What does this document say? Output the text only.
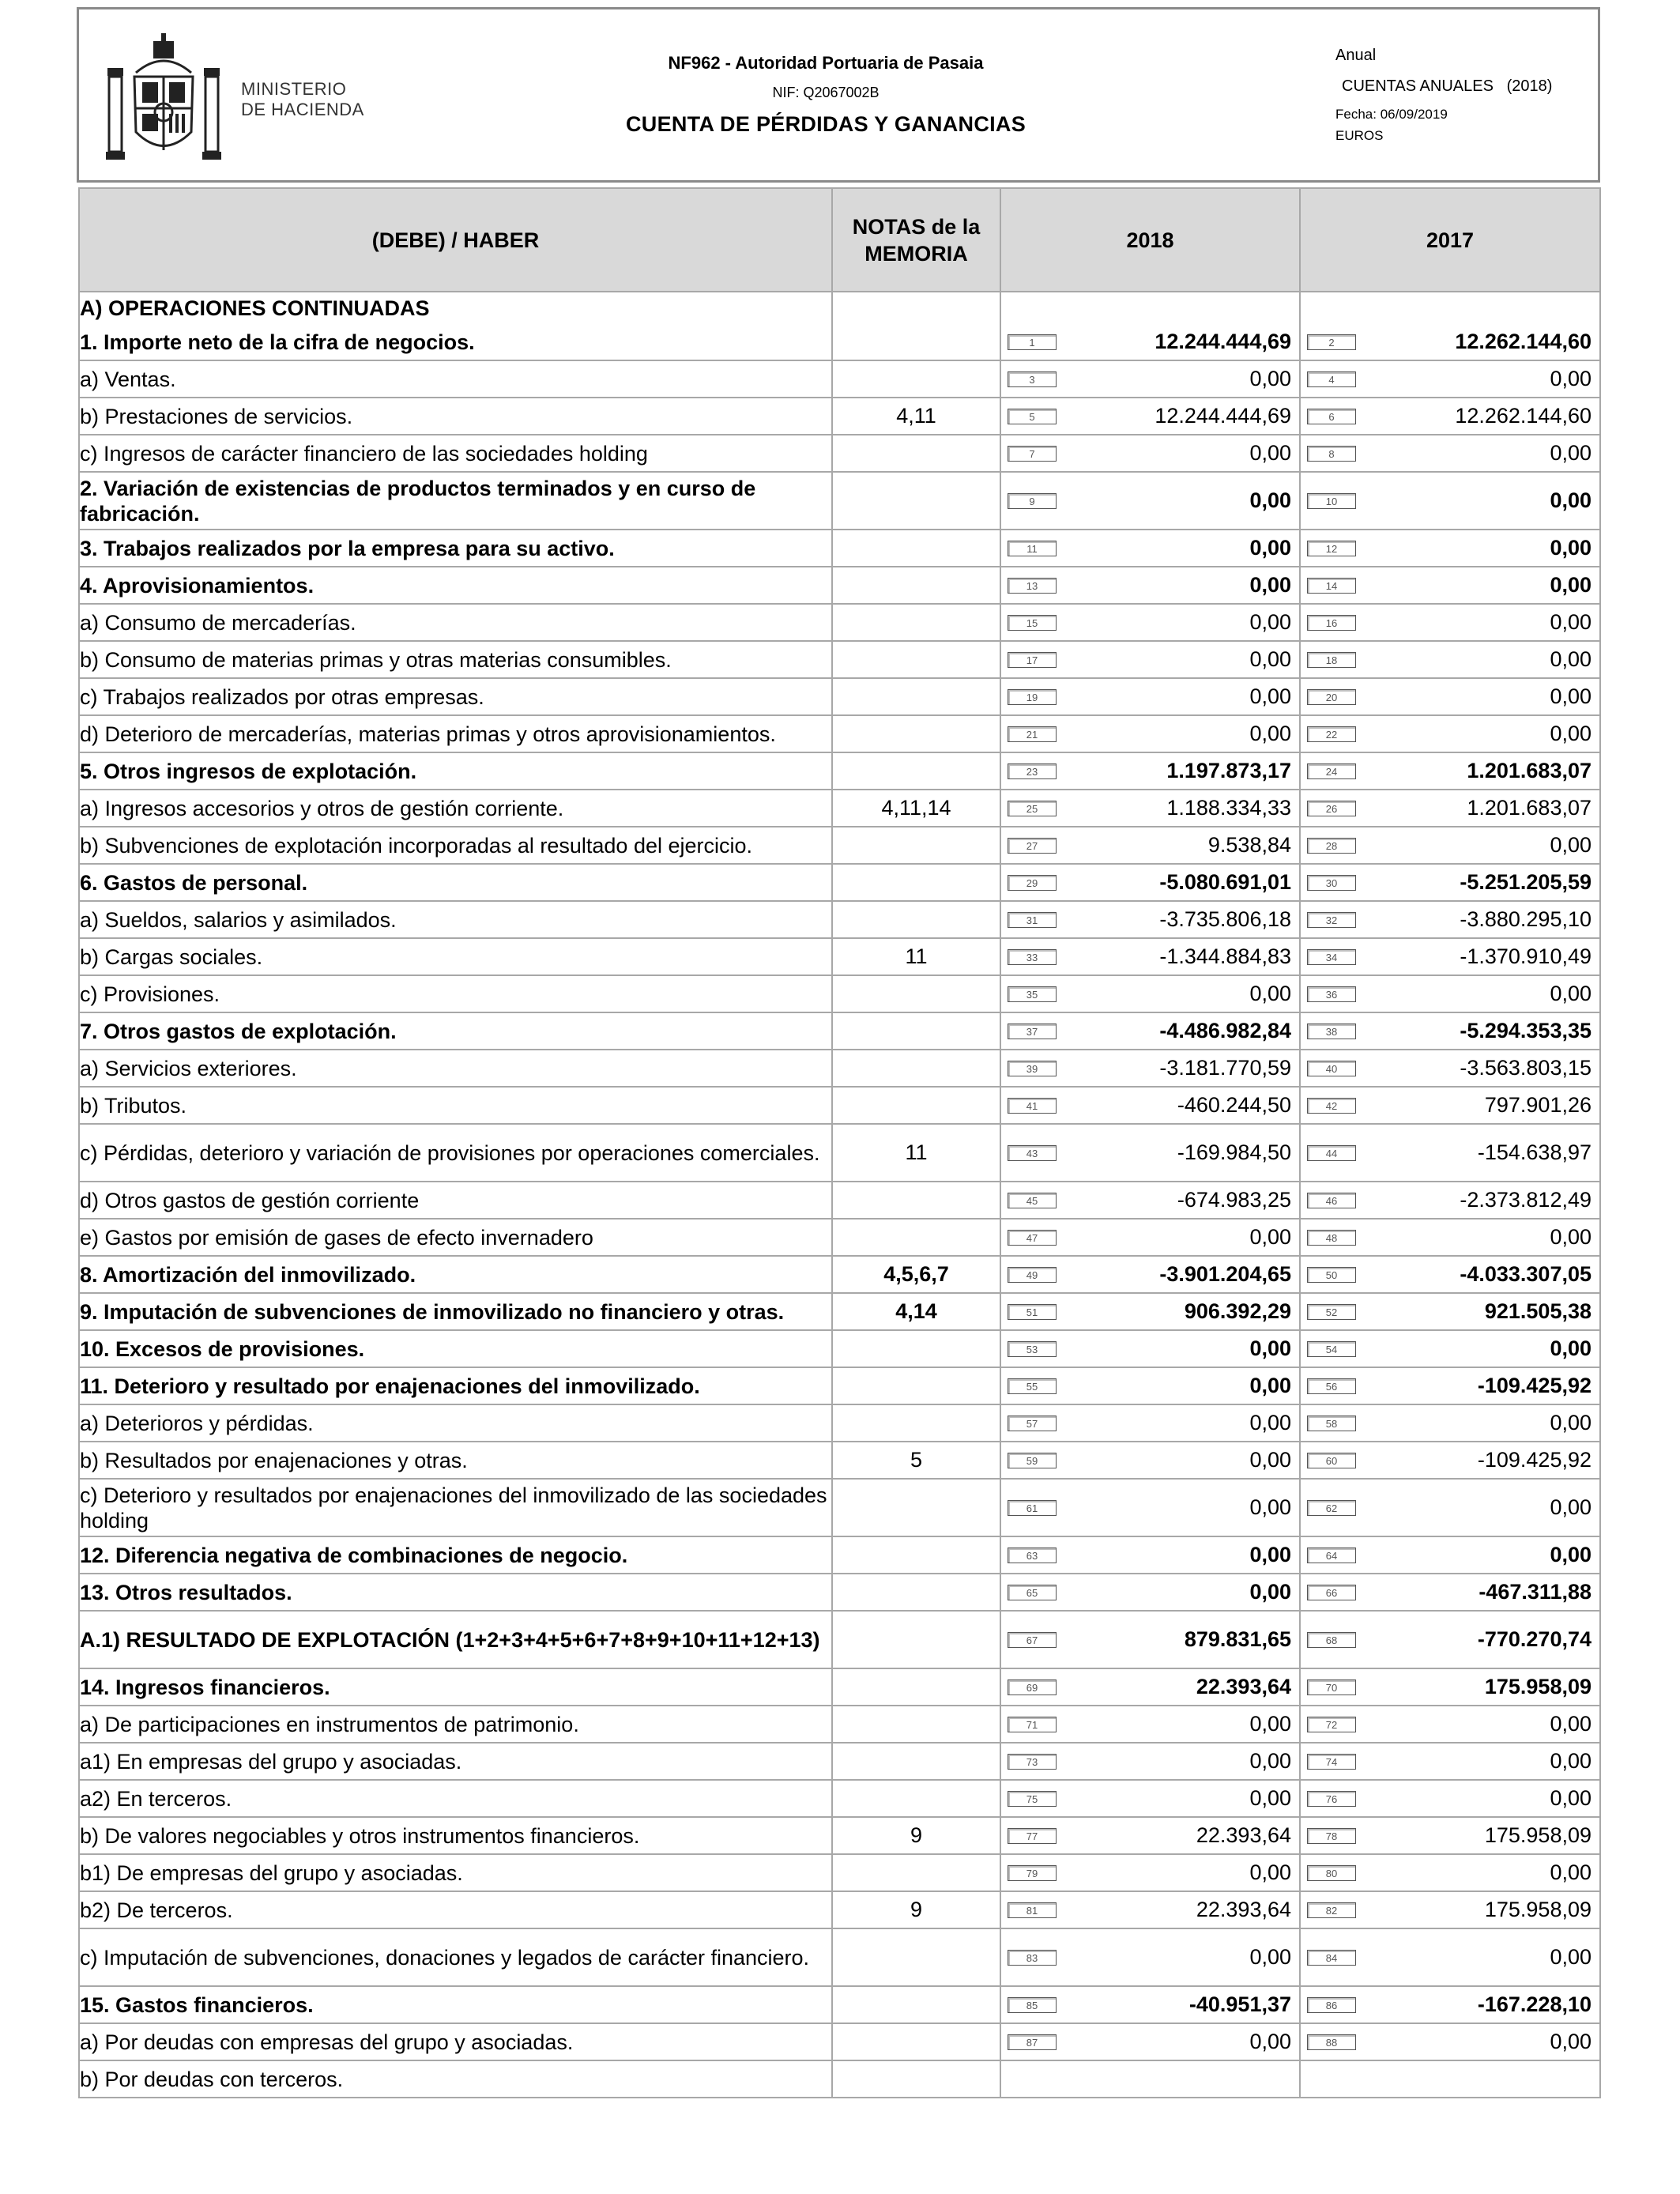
MINISTERIO
DE HACIENDA
NF962 - Autoridad Portuaria de Pasaia
NIF: Q2067002B
CUENTA DE PÉRDIDAS Y GANANCIAS
Anual
CUENTAS ANUALES   (2018)
Fecha: 06/09/2019
EUROS
(DEBE) / HABER	NOTAS de la MEMORIA	2018	2017
A) OPERACIONES CONTINUADAS			
1. Importe neto de la cifra de negocios.		1 12.244.444,69	2 12.262.144,60

a) Ventas.		3 0,00	4 0,00

b) Prestaciones de servicios.	4,11	5 12.244.444,69	6 12.262.144,60

c) Ingresos de carácter financiero de las sociedades holding		7 0,00	8 0,00

2. Variación de existencias de productos terminados y en curso de fabricación.		9 0,00	10 0,00

3. Trabajos realizados por la empresa para su activo.		11 0,00	12 0,00

4. Aprovisionamientos.		13 0,00	14 0,00

a) Consumo de mercaderías.		15 0,00	16 0,00

b) Consumo de materias primas y otras materias consumibles.		17 0,00	18 0,00

c) Trabajos realizados por otras empresas.		19 0,00	20 0,00

d) Deterioro de mercaderías, materias primas y otros aprovisionamientos.		21 0,00	22 0,00

5. Otros ingresos de explotación.		23 1.197.873,17	24 1.201.683,07

a) Ingresos accesorios y otros de gestión corriente.	4,11,14	25 1.188.334,33	26 1.201.683,07

b) Subvenciones de explotación incorporadas al resultado del ejercicio.		27 9.538,84	28 0,00

6. Gastos de personal.		29 -5.080.691,01	30 -5.251.205,59

a) Sueldos, salarios y asimilados.		31 -3.735.806,18	32 -3.880.295,10

b) Cargas sociales.	11	33 -1.344.884,83	34 -1.370.910,49

c) Provisiones.		35 0,00	36 0,00

7. Otros gastos de explotación.		37 -4.486.982,84	38 -5.294.353,35

a) Servicios exteriores.		39 -3.181.770,59	40 -3.563.803,15

b) Tributos.		41 -460.244,50	42 797.901,26

c) Pérdidas, deterioro y variación de provisiones por operaciones comerciales.	11	43 -169.984,50	44 -154.638,97

d) Otros gastos de gestión corriente		45 -674.983,25	46 -2.373.812,49

e) Gastos por emisión de gases de efecto invernadero		47 0,00	48 0,00

8. Amortización del inmovilizado.	4,5,6,7	49 -3.901.204,65	50 -4.033.307,05

9. Imputación de subvenciones de inmovilizado no financiero y otras.	4,14	51 906.392,29	52 921.505,38

10. Excesos de provisiones.		53 0,00	54 0,00

11. Deterioro y resultado por enajenaciones del inmovilizado.		55 0,00	56 -109.425,92

a) Deterioros y pérdidas.		57 0,00	58 0,00

b) Resultados por enajenaciones y otras.	5	59 0,00	60 -109.425,92

c) Deterioro y resultados por enajenaciones del inmovilizado de las sociedades holding		61 0,00	62 0,00

12. Diferencia negativa de combinaciones de negocio.		63 0,00	64 0,00

13. Otros resultados.		65 0,00	66 -467.311,88

A.1) RESULTADO DE EXPLOTACIÓN (1+2+3+4+5+6+7+8+9+10+11+12+13)		67 879.831,65	68 -770.270,74

14. Ingresos financieros.		69 22.393,64	70 175.958,09

a) De participaciones en instrumentos de patrimonio.		71 0,00	72 0,00

a1) En empresas del grupo y asociadas.		73 0,00	74 0,00

a2) En terceros.		75 0,00	76 0,00

b) De valores negociables y otros instrumentos financieros.	9	77 22.393,64	78 175.958,09

b1) De empresas del grupo y asociadas.		79 0,00	80 0,00

b2) De terceros.	9	81 22.393,64	82 175.958,09

c) Imputación de subvenciones, donaciones y legados de carácter financiero.		83 0,00	84 0,00

15. Gastos financieros.		85 -40.951,37	86 -167.228,10

a) Por deudas con empresas del grupo y asociadas.		87 0,00	88 0,00

b) Por deudas con terceros.		
